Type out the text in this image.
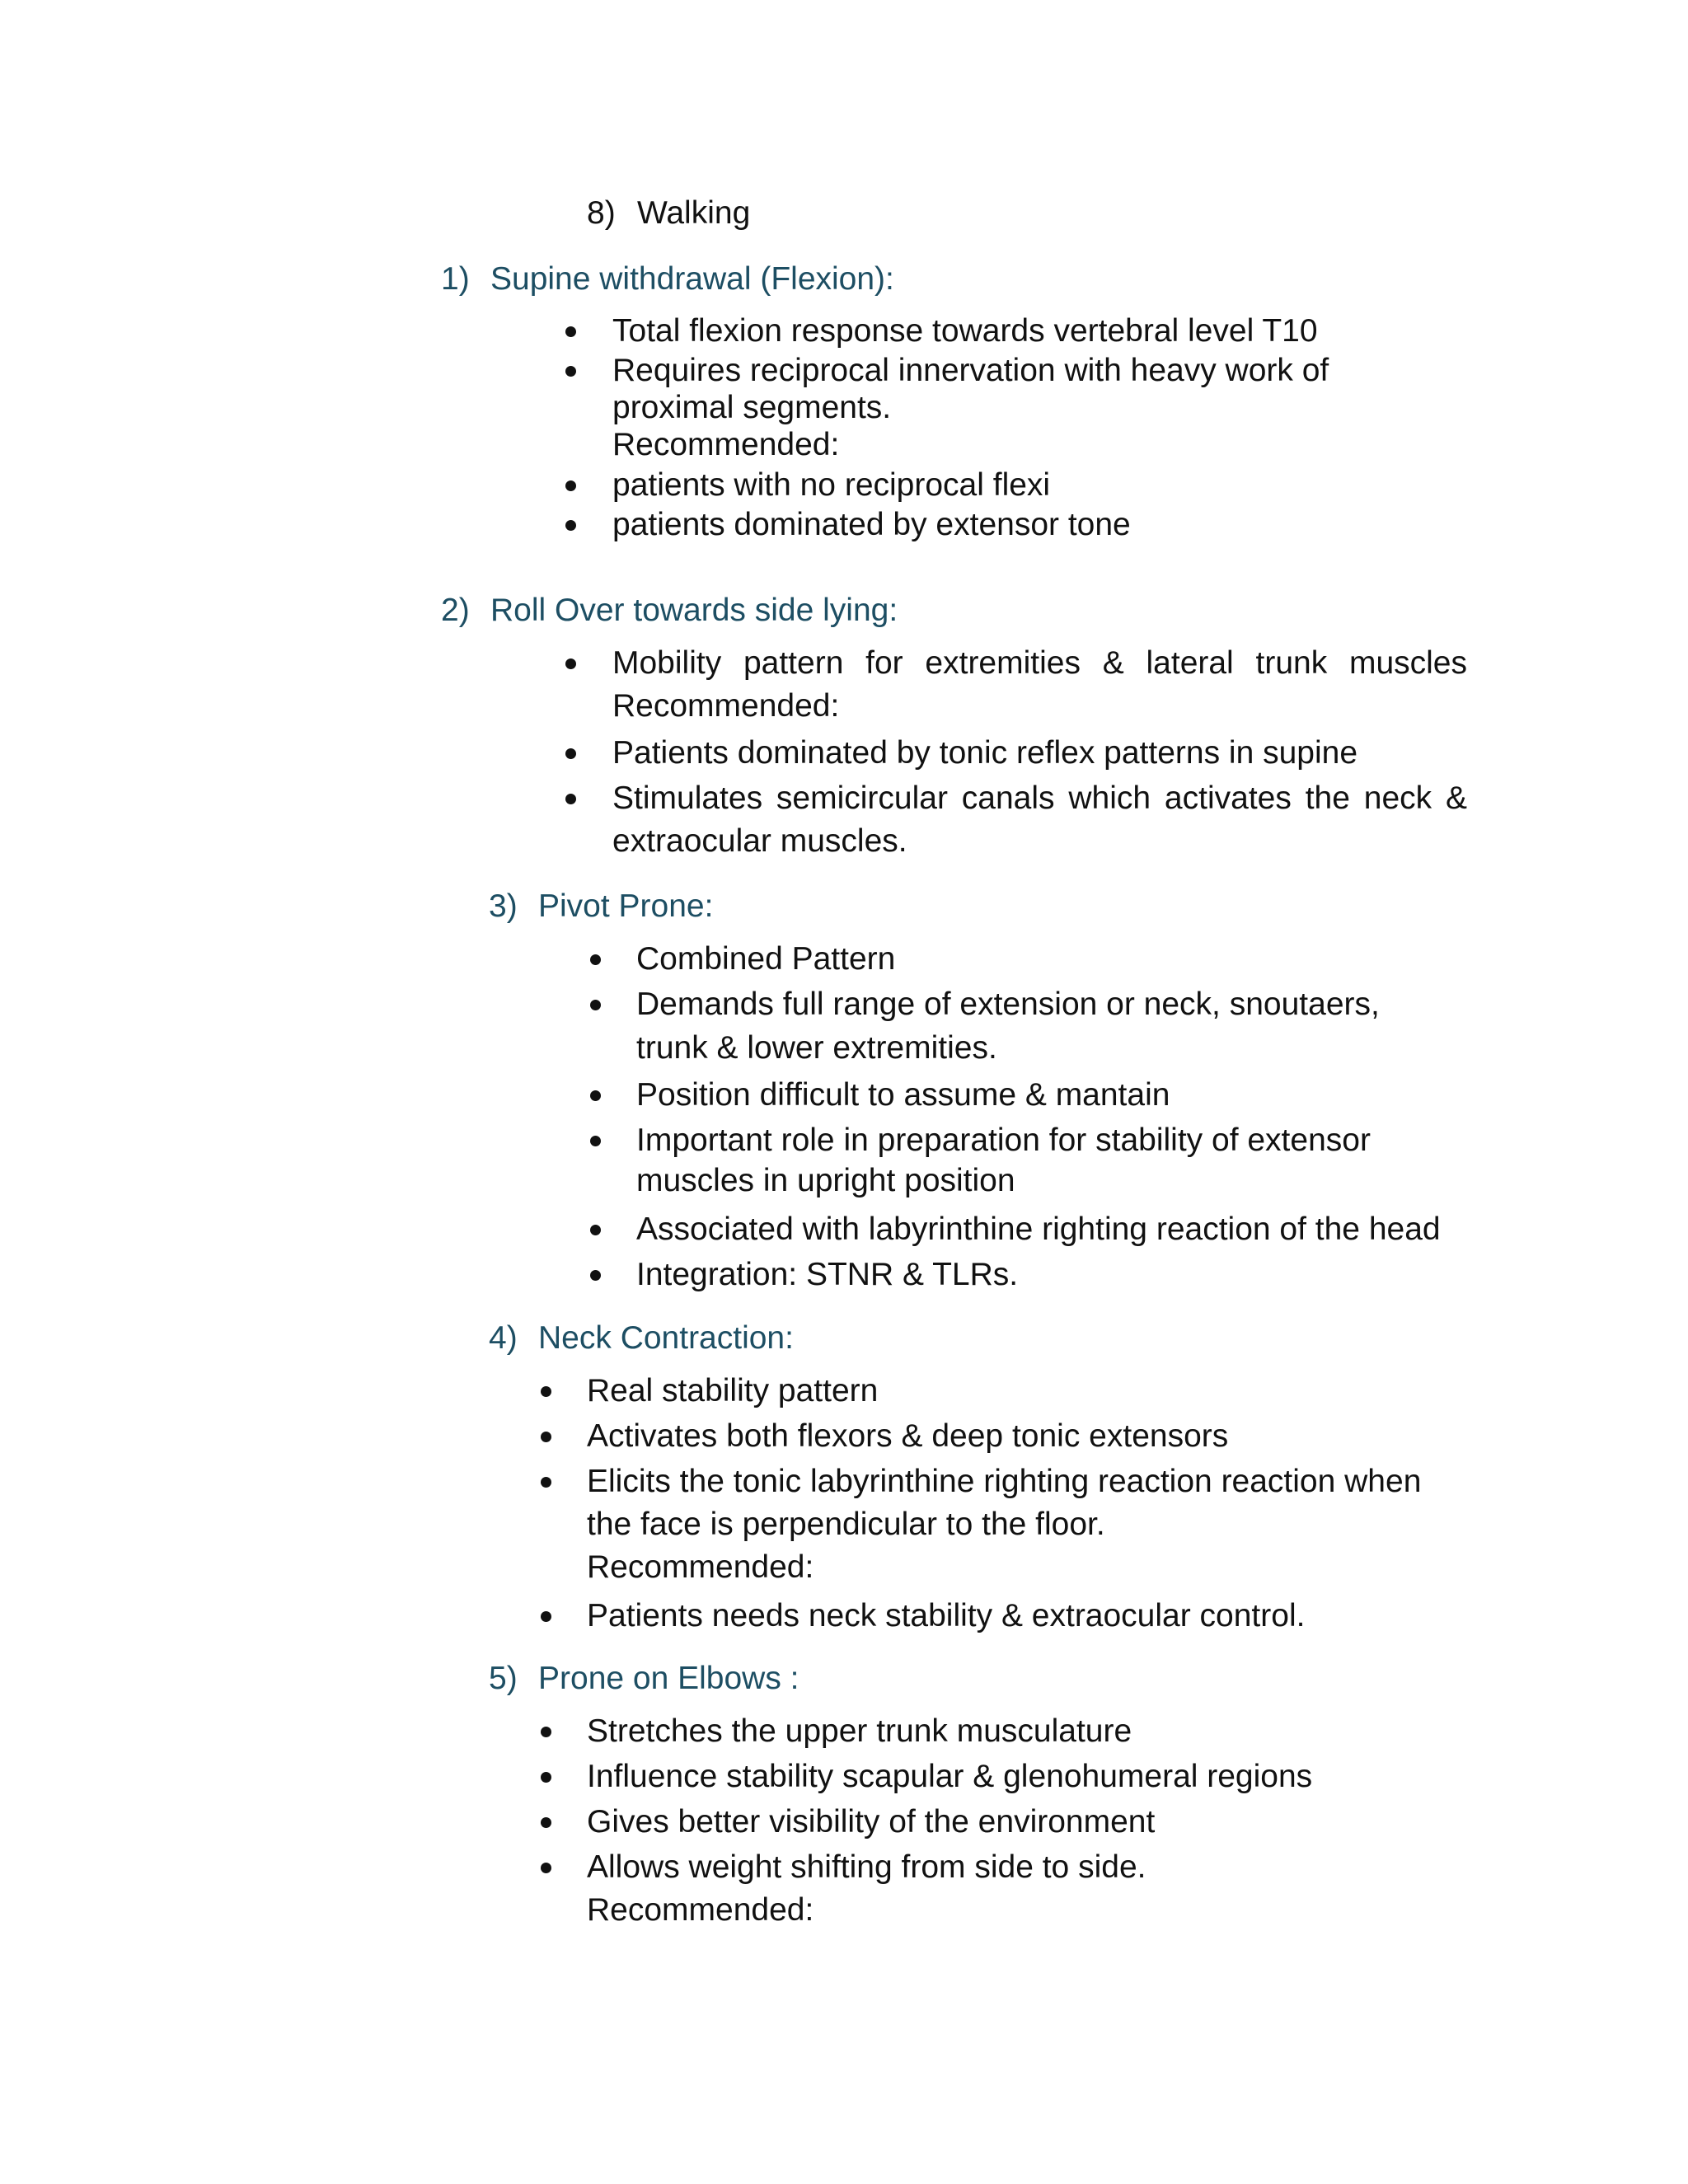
8) Walking
1) Supine withdrawal (Flexion):
Total flexion response towards vertebral level T10
Requires reciprocal innervation with heavy work of
proximal segments.
Recommended:
patients with no reciprocal flexi
patients dominated by extensor tone
2) Roll Over towards side lying:
Mobility pattern for extremities & lateral trunk muscles
Recommended:
Patients dominated by tonic reflex patterns in supine
Stimulates semicircular canals which activates the neck &
extraocular muscles.
3) Pivot Prone:
Combined Pattern
Demands full range of extension or neck, snoutaers,
trunk & lower extremities.
Position difficult to assume & mantain
Important role in preparation for stability of extensor
muscles in upright position
Associated with labyrinthine righting reaction of the head
Integration: STNR & TLRs.
4) Neck Contraction:
Real stability pattern
Activates both flexors & deep tonic extensors
Elicits the tonic labyrinthine righting reaction reaction when
the face is perpendicular to the floor.
Recommended:
Patients needs neck stability & extraocular control.
5) Prone on Elbows :
Stretches the upper trunk musculature
Influence stability scapular & glenohumeral regions
Gives better visibility of the environment
Allows weight shifting from side to side.
Recommended:
